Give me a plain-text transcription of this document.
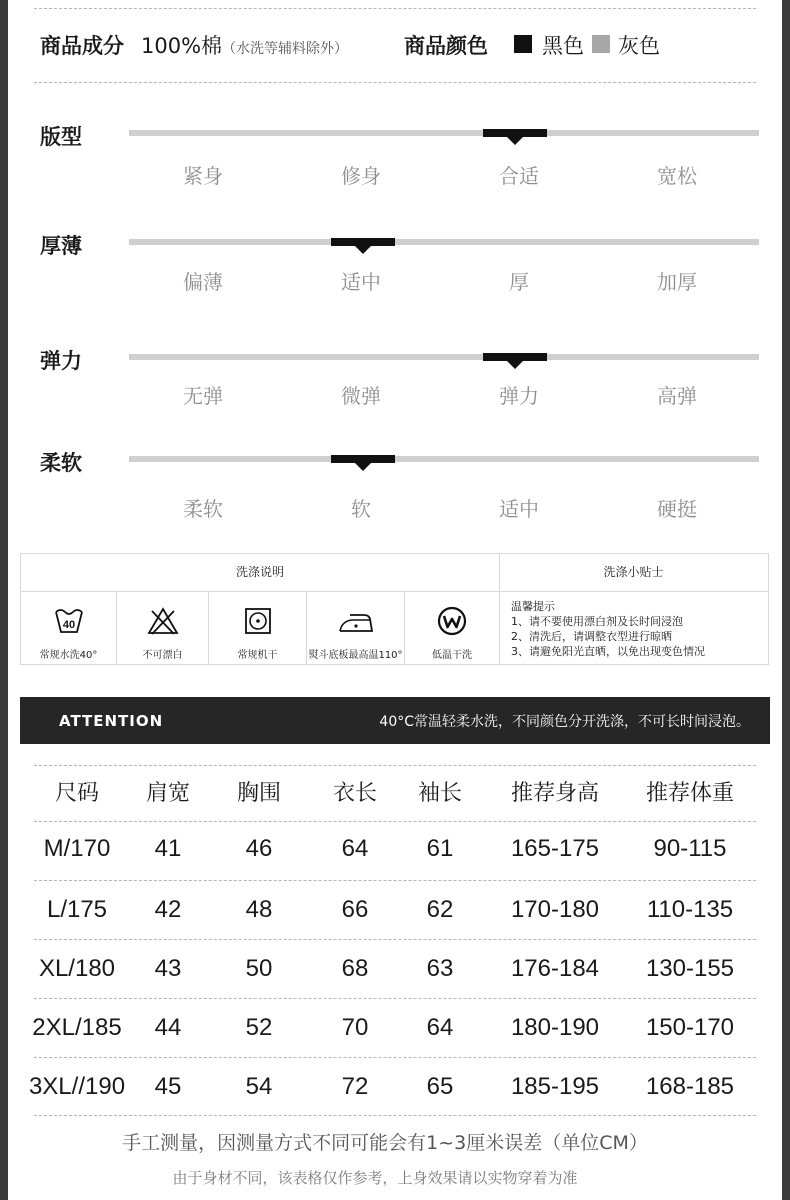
商品成分 100%棉（水洗等辅料除外）	商品颜色	黑色 灰色
版型
紧身	修身	合适	宽松
厚薄
偏薄	适中	厚	加厚
弹力
无弹	微弹	弹力	高弹
柔软
柔软	软	适中	硬挺
洗涤说明	洗涤小贴士
40
常规水洗40°	不可漂白	常规机干	熨斗底板最高温110°	低温干洗
温馨提示
1、请不要使用漂白剂及长时间浸泡
2、清洗后，请调整衣型进行晾晒
3、请避免阳光直晒，以免出现变色情况
ATTENTION	40°C常温轻柔水洗，不同颜色分开洗涤，不可长时间浸泡。
尺码	肩宽	胸围	衣长	袖长	推荐身高	推荐体重
M/170	41	46	64	61	165-175	90-115
L/175	42	48	66	62	170-180	110-135
XL/180	43	50	68	63	176-184	130-155
2XL/185	44	52	70	64	180-190	150-170
3XL//190	45	54	72	65	185-195	168-185
手工测量，因测量方式不同可能会有1~3厘米误差（单位CM）
由于身材不同，该表格仅作参考，上身效果请以实物穿着为准
